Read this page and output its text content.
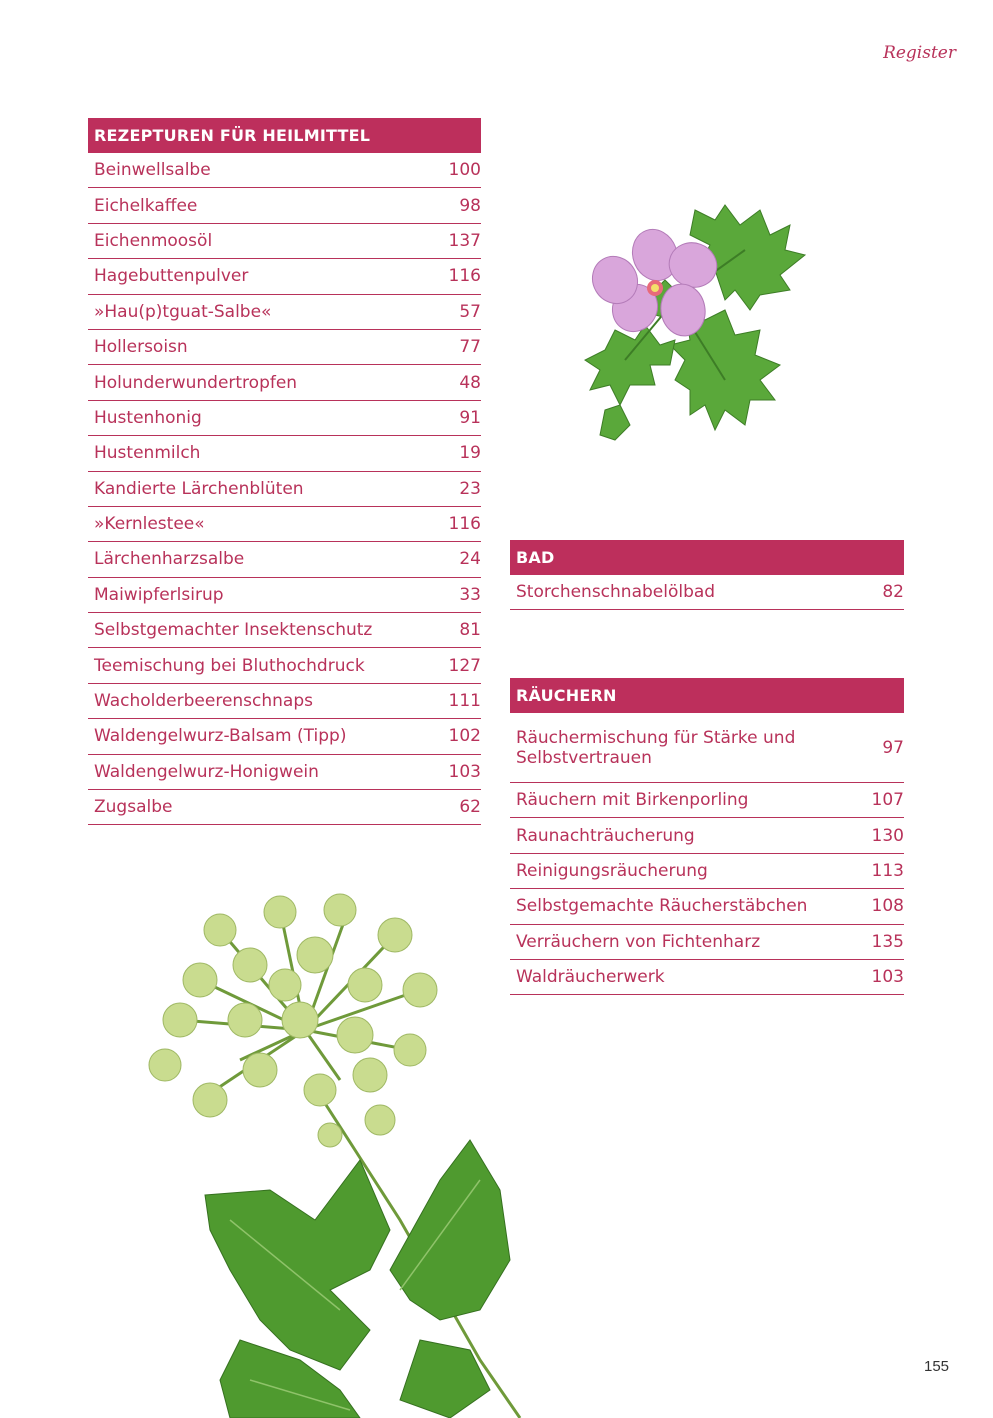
Register
REZEPTUREN FÜR HEILMITTEL
Beinwellsalbe	100
Eichelkaffee	98
Eichenmoosöl	137
Hagebuttenpulver	116
»Hau(p)tguat-Salbe«	57
Hollersoisn	77
Holunderwundertropfen	48
Hustenhonig	91
Hustenmilch	19
Kandierte Lärchenblüten	23
»Kernlestee«	116
Lärchenharzsalbe	24
Maiwipferlsirup	33
Selbstgemachter Insektenschutz	81
Teemischung bei Bluthochdruck	127
Wacholderbeerenschnaps	111
Waldengelwurz-Balsam (Tipp)	102
Waldengelwurz-Honigwein	103
Zugsalbe	62
BAD
Storchenschnabelölbad	82
RÄUCHERN
Räuchermischung für Stärke und Selbstvertrauen	97
Räuchern mit Birkenporling	107
Raunachträucherung	130
Reinigungsräucherung	113
Selbstgemachte Räucherstäbchen	108
Verräuchern von Fichtenharz	135
Waldräucherwerk	103
155
